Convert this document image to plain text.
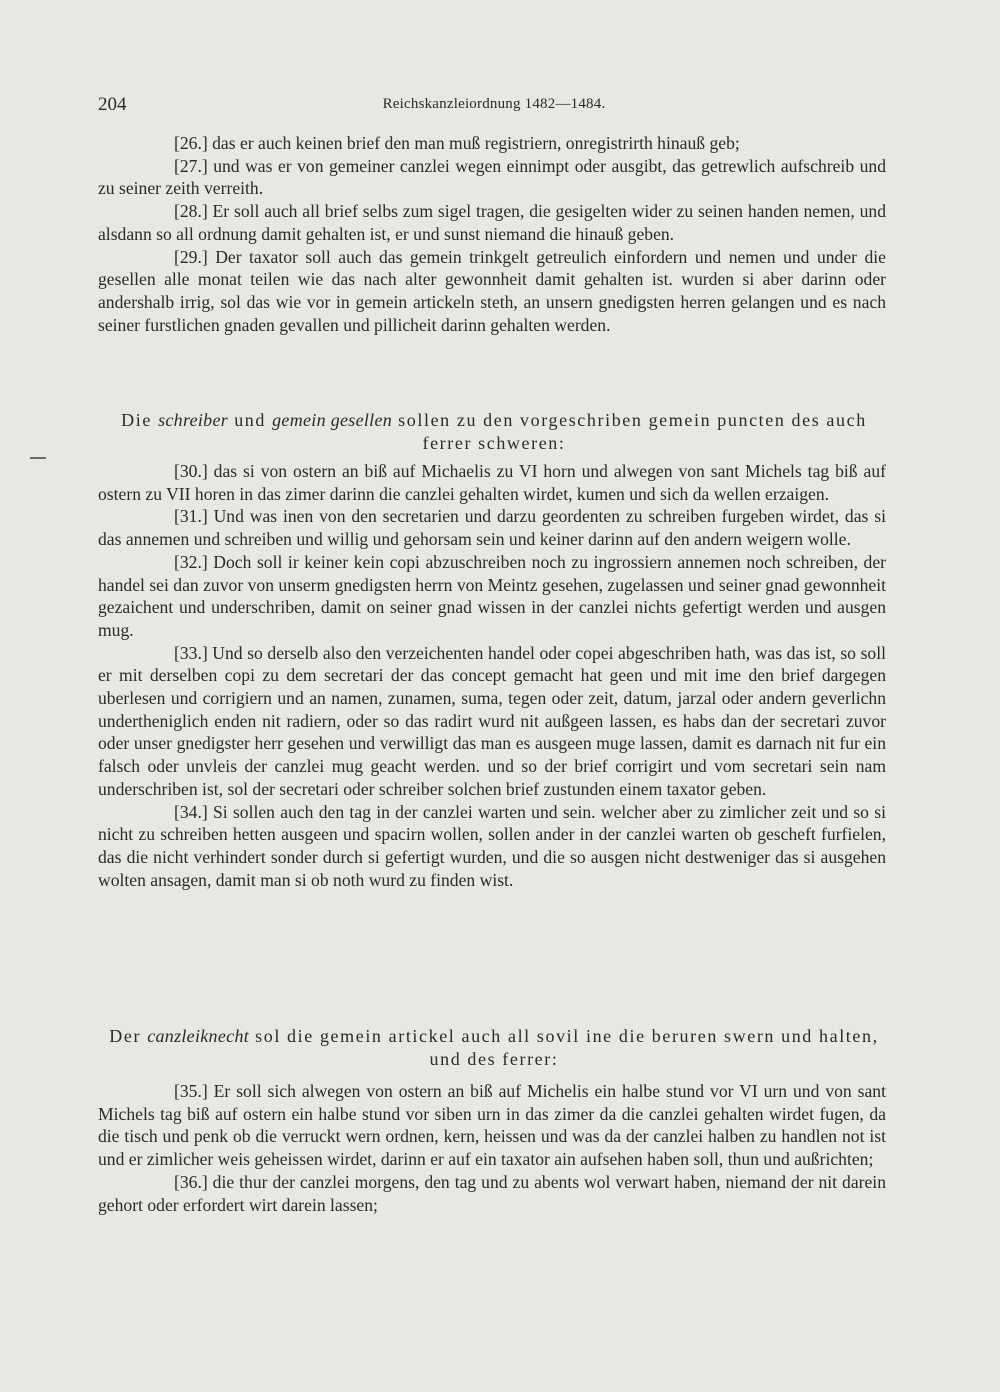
204	Reichskanzleiordnung 1482—1484.

[26.] das er auch keinen brief den man muß registriern, onregistrirth hinauß geb;

[27.] und was er von gemeiner canzlei wegen einnimpt oder ausgibt, das getrewlich aufschreib und zu seiner zeith verreith.

[28.] Er soll auch all brief selbs zum sigel tragen, die gesigelten wider zu seinen handen nemen, und alsdann so all ordnung damit gehalten ist, er und sunst niemand die hinauß geben.

[29.] Der taxator soll auch das gemein trinkgelt getreulich einfordern und nemen und under die gesellen alle monat teilen wie das nach alter gewonnheit damit gehalten ist. wurden si aber darinn oder andershalb irrig, sol das wie vor in gemein artickeln steth, an unsern gnedigsten herren gelangen und es nach seiner furstlichen gnaden gevallen und pillicheit darinn gehalten werden.

Die schreiber und gemein gesellen sollen zu den vorgeschriben gemein puncten des auch ferrer schweren:

[30.] das si von ostern an biß auf Michaelis zu VI horn und alwegen von sant Michels tag biß auf ostern zu VII horen in das zimer darinn die canzlei gehalten wirdet, kumen und sich da wellen erzaigen.

[31.] Und was inen von den secretarien und darzu geordenten zu schreiben furgeben wirdet, das si das annemen und schreiben und willig und gehorsam sein und keiner darinn auf den andern weigern wolle.

[32.] Doch soll ir keiner kein copi abzuschreiben noch zu ingrossiern annemen noch schreiben, der handel sei dan zuvor von unserm gnedigsten herrn von Meintz gesehen, zugelassen und seiner gnad gewonnheit gezaichent und underschriben, damit on seiner gnad wissen in der canzlei nichts gefertigt werden und ausgen mug.

[33.] Und so derselb also den verzeichenten handel oder copei abgeschriben hath, was das ist, so soll er mit derselben copi zu dem secretari der das concept gemacht hat geen und mit ime den brief dargegen uberlesen und corrigiern und an namen, zunamen, suma, tegen oder zeit, datum, jarzal oder andern geverlichn undertheniglich enden nit radiern, oder so das radirt wurd nit außgeen lassen, es habs dan der secretari zuvor oder unser gnedigster herr gesehen und verwilligt das man es ausgeen muge lassen, damit es darnach nit fur ein falsch oder unvleis der canzlei mug geacht werden. und so der brief corrigirt und vom secretari sein nam underschriben ist, sol der secretari oder schreiber solchen brief zustunden einem taxator geben.

[34.] Si sollen auch den tag in der canzlei warten und sein. welcher aber zu zimlicher zeit und so si nicht zu schreiben hetten ausgeen und spacirn wollen, sollen ander in der canzlei warten ob gescheft furfielen, das die nicht verhindert sonder durch si gefertigt wurden, und die so ausgen nicht destweniger das si ausgehen wolten ansagen, damit man si ob noth wurd zu finden wist.

Der canzleiknecht sol die gemein artickel auch all sovil ine die beruren swern und halten, und des ferrer:

[35.] Er soll sich alwegen von ostern an biß auf Michelis ein halbe stund vor VI urn und von sant Michels tag biß auf ostern ein halbe stund vor siben urn in das zimer da die canzlei gehalten wirdet fugen, da die tisch und penk ob die verruckt wern ordnen, kern, heissen und was da der canzlei halben zu handlen not ist und er zimlicher weis geheissen wirdet, darinn er auf ein taxator ain aufsehen haben soll, thun und außrichten;

[36.] die thur der canzlei morgens, den tag und zu abents wol verwart haben, niemand der nit darein gehort oder erfordert wirt darein lassen;
